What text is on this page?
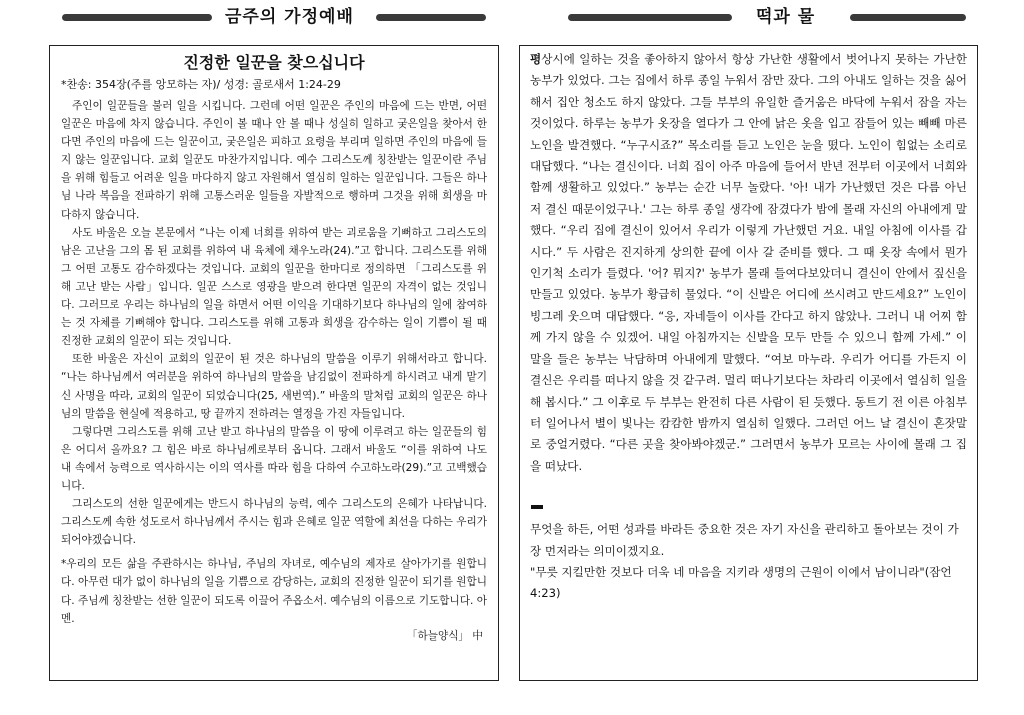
금주의 가정예배	떡과 물
진정한 일꾼을 찾으십니다
*찬송: 354장(주를 앙모하는 자)/ 성경: 골로새서 1:24-29

주인이 일꾼들을 불러 일을 시킵니다. 그런데 어떤 일꾼은 주인의 마음에 드는 반면, 어떤 일꾼은 마음에 차지 않습니다. 주인이 볼 때나 안 볼 때나 성실히 일하고 궂은일을 찾아서 한다면 주인의 마음에 드는 일꾼이고, 궂은일은 피하고 요령을 부리며 일하면 주인의 마음에 들지 않는 일꾼입니다. 교회 일꾼도 마찬가지입니다. 예수 그리스도께 칭찬받는 일꾼이란 주님을 위해 힘들고 어려운 일을 마다하지 않고 자원해서 열심히 일하는 일꾼입니다. 그들은 하나님 나라 복음을 전파하기 위해 고통스러운 일들을 자발적으로 행하며 그것을 위해 희생을 마다하지 않습니다.

사도 바울은 오늘 본문에서 “나는 이제 너희를 위하여 받는 괴로움을 기뻐하고 그리스도의 남은 고난을 그의 몸 된 교회를 위하여 내 육체에 채우노라(24).”고 합니다. 그리스도를 위해 그 어떤 고통도 감수하겠다는 것입니다. 교회의 일꾼을 한마디로 정의하면 「그리스도를 위해 고난 받는 사람」입니다. 일꾼 스스로 영광을 받으려 한다면 일꾼의 자격이 없는 것입니다. 그러므로 우리는 하나님의 일을 하면서 어떤 이익을 기대하기보다 하나님의 일에 참여하는 것 자체를 기뻐해야 합니다. 그리스도를 위해 고통과 희생을 감수하는 일이 기쁨이 될 때 진정한 교회의 일꾼이 되는 것입니다.

또한 바울은 자신이 교회의 일꾼이 된 것은 하나님의 말씀을 이루기 위해서라고 합니다. “나는 하나님께서 여러분을 위하여 하나님의 말씀을 남김없이 전파하게 하시려고 내게 맡기신 사명을 따라, 교회의 일꾼이 되었습니다(25, 새번역).” 바울의 말처럼 교회의 일꾼은 하나님의 말씀을 현실에 적용하고, 땅 끝까지 전하려는 열정을 가진 자들입니다.

그렇다면 그리스도를 위해 고난 받고 하나님의 말씀을 이 땅에 이루려고 하는 일꾼들의 힘은 어디서 올까요? 그 힘은 바로 하나님께로부터 옵니다. 그래서 바울도 “이를 위하여 나도 내 속에서 능력으로 역사하시는 이의 역사를 따라 힘을 다하여 수고하노라(29).”고 고백했습니다.

그리스도의 선한 일꾼에게는 반드시 하나님의 능력, 예수 그리스도의 은혜가 나타납니다. 그리스도께 속한 성도로서 하나님께서 주시는 힘과 은혜로 일꾼 역할에 최선을 다하는 우리가 되어야겠습니다.

*우리의 모든 삶을 주관하시는 하나님, 주님의 자녀로, 예수님의 제자로 살아가기를 원합니다. 아무런 대가 없이 하나님의 일을 기쁨으로 감당하는, 교회의 진정한 일꾼이 되기를 원합니다. 주님께 칭찬받는 선한 일꾼이 되도록 이끌어 주옵소서. 예수님의 이름으로 기도합니다. 아멘.

「하늘양식」 中

평상시에 일하는 것을 좋아하지 않아서 항상 가난한 생활에서 벗어나지 못하는 가난한 농부가 있었다. 그는 집에서 하루 종일 누워서 잠만 잤다. 그의 아내도 일하는 것을 싫어해서 집안 청소도 하지 않았다. 그들 부부의 유일한 즐거움은 바닥에 누워서 잠을 자는 것이었다. 하루는 농부가 옷장을 열다가 그 안에 낡은 옷을 입고 잠들어 있는 빼빼 마른 노인을 발견했다. “누구시죠?” 목소리를 듣고 노인은 눈을 떴다. 노인이 힘없는 소리로 대답했다. “나는 결신이다. 너희 집이 아주 마음에 들어서 반년 전부터 이곳에서 너희와 함께 생활하고 있었다.” 농부는 순간 너무 놀랐다. '아! 내가 가난했던 것은 다름 아닌 저 결신 때문이었구나.' 그는 하루 종일 생각에 잠겼다가 밤에 몰래 자신의 아내에게 말했다. “우리 집에 결신이 있어서 우리가 이렇게 가난했던 거요. 내일 아침에 이사를 갑시다.” 두 사람은 진지하게 상의한 끝에 이사 갈 준비를 했다. 그 때 옷장 속에서 뭔가 인기척 소리가 들렸다. '어? 뭐지?' 농부가 몰래 들여다보았더니 결신이 안에서 짚신을 만들고 있었다. 농부가 황급히 물었다. “이 신발은 어디에 쓰시려고 만드세요?” 노인이 빙그레 웃으며 대답했다. “응, 자네들이 이사를 간다고 하지 않았나. 그러니 내 어찌 함께 가지 않을 수 있겠어. 내일 아침까지는 신발을 모두 만들 수 있으니 함께 가세.” 이 말을 들은 농부는 낙담하며 아내에게 말했다. “여보 마누라. 우리가 어디를 가든지 이 결신은 우리를 떠나지 않을 것 같구려. 멀리 떠나기보다는 차라리 이곳에서 열심히 일을 해 봅시다.” 그 이후로 두 부부는 완전히 다른 사람이 된 듯했다. 동트기 전 이른 아침부터 일어나서 별이 빛나는 캄캄한 밤까지 열심히 일했다. 그러던 어느 날 결신이 혼잣말로 중얼거렸다. “다른 곳을 찾아봐야겠군.” 그러면서 농부가 모르는 사이에 몰래 그 집을 떠났다.

무엇을 하든, 어떤 성과를 바라든 중요한 것은 자기 자신을 관리하고 돌아보는 것이 가장 먼저라는 의미이겠지요.

"무릇 지킬만한 것보다 더욱 네 마음을 지키라 생명의 근원이 이에서 남이니라"(잠언 4:23)
